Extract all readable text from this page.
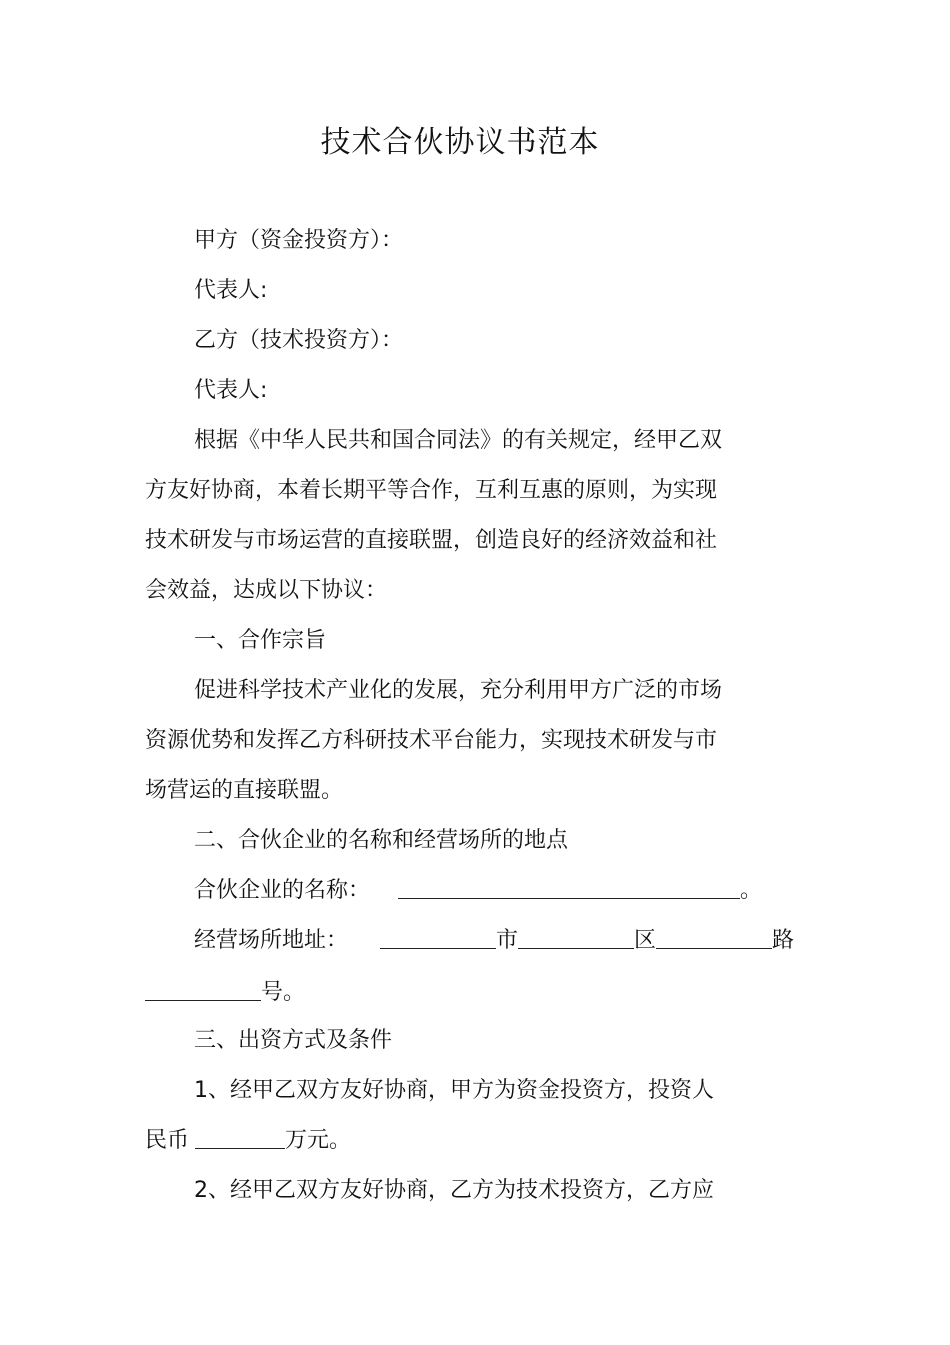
技术合伙协议书范本
甲方（资金投资方）：
代表人:
乙方（技术投资方）：
代表人:
根据《中华人民共和国合同法》的有关规定，经甲乙双
方友好协商，本着长期平等合作，互利互惠的原则，为实现
技术研发与市场运营的直接联盟，创造良好的经济效益和社
会效益，达成以下协议：
一、合作宗旨
促进科学技术产业化的发展，充分利用甲方广泛的市场
资源优势和发挥乙方科研技术平台能力，实现技术研发与市
场营运的直接联盟。
二、合伙企业的名称和经营场所的地点
合伙企业的名称：	。
经营场所地址：	市	区	路
号。
三、出资方式及条件
1、经甲乙双方友好协商，甲方为资金投资方，投资人
民币	万元。
2、经甲乙双方友好协商，乙方为技术投资方，乙方应
